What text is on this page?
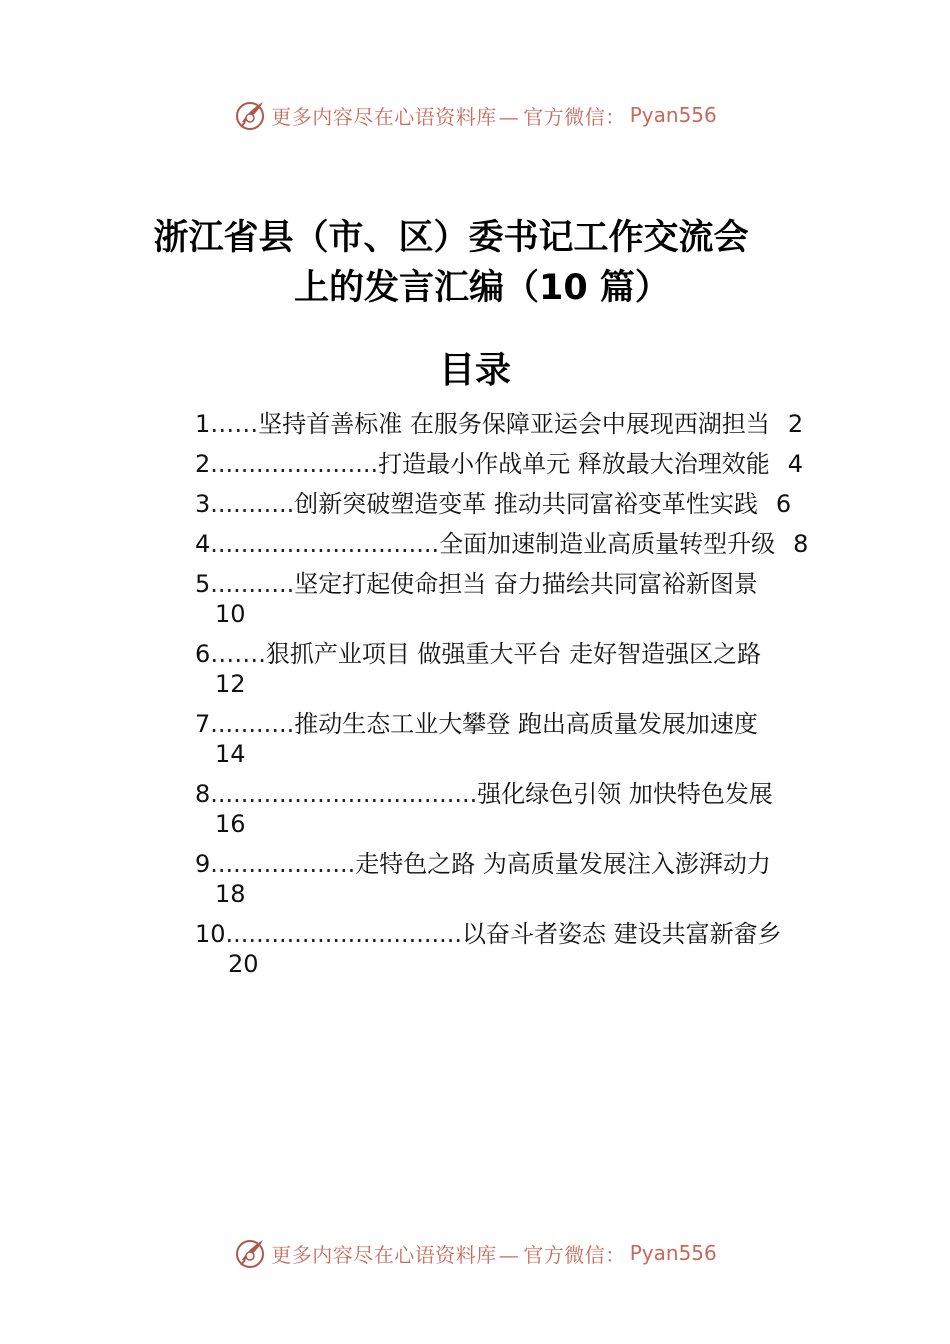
更多内容尽在心语资料库 — 官方微信： Pyan556
浙江省县（市、区）委书记工作交流会
上的发言汇编（10 篇）
目录
1 …… 坚持首善标准 在服务保障亚运会中展现西湖担当 2
2 ...................... 打造最小作战单元 释放最大治理效能 4
3 ........... 创新突破塑造变革 推动共同富裕变革性实践 6
4 .............................. 全面加速制造业高质量转型升级 8
5 ........... 坚定打起使命担当 奋力描绘共同富裕新图景
10
6 ……. 狠抓产业项目 做强重大平台 走好智造强区之路
12
7 ........... 推动生态工业大攀登 跑出高质量发展加速度
14
8 ................................... 强化绿色引领 加快特色发展
16
9 ................... 走特色之路 为高质量发展注入澎湃动力
18
10 ............................... 以奋斗者姿态 建设共富新畲乡
20
更多内容尽在心语资料库 — 官方微信： Pyan556
